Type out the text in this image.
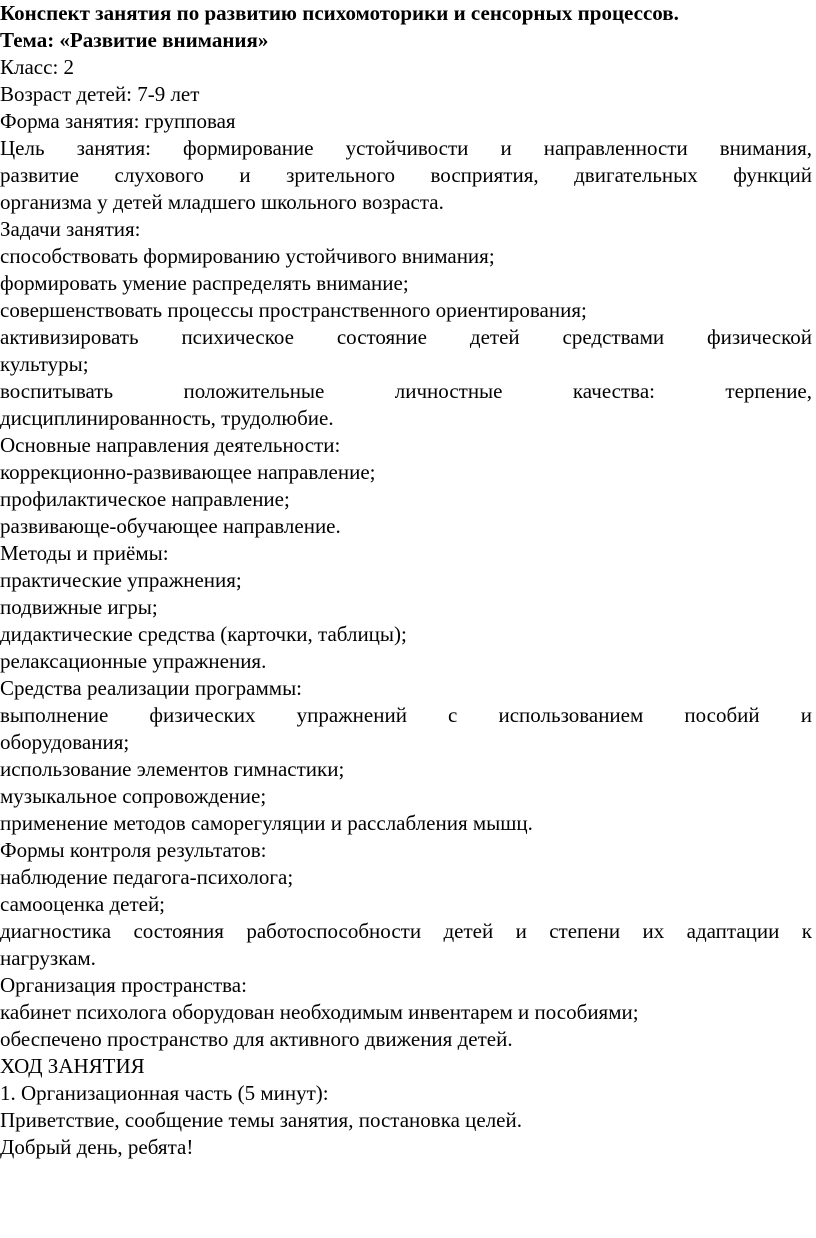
Конспект занятия по развитию психомоторики и сенсорных процессов.
Тема: «Развитие внимания»
Класс: 2
Возраст детей: 7-9 лет
Форма занятия: групповая
Цель занятия: формирование устойчивости и направленности внимания,
развитие слухового и зрительного восприятия, двигательных функций
организма у детей младшего школьного возраста.
Задачи занятия:
способствовать формированию устойчивого внимания;
формировать умение распределять внимание;
совершенствовать процессы пространственного ориентирования;
активизировать психическое состояние детей средствами физической
культуры;
воспитывать положительные личностные качества: терпение,
дисциплинированность, трудолюбие.
Основные направления деятельности:
коррекционно-развивающее направление;
профилактическое направление;
развивающе-обучающее направление.
Методы и приёмы:
практические упражнения;
подвижные игры;
дидактические средства (карточки, таблицы);
релаксационные упражнения.
Средства реализации программы:
выполнение физических упражнений с использованием пособий и
оборудования;
использование элементов гимнастики;
музыкальное сопровождение;
применение методов саморегуляции и расслабления мышц.
Формы контроля результатов:
наблюдение педагога-психолога;
самооценка детей;
диагностика состояния работоспособности детей и степени их адаптации к
нагрузкам.
Организация пространства:
кабинет психолога оборудован необходимым инвентарем и пособиями;
обеспечено пространство для активного движения детей.
ХОД ЗАНЯТИЯ
1. Организационная часть (5 минут):
Приветствие, сообщение темы занятия, постановка целей.
Добрый день, ребята!
